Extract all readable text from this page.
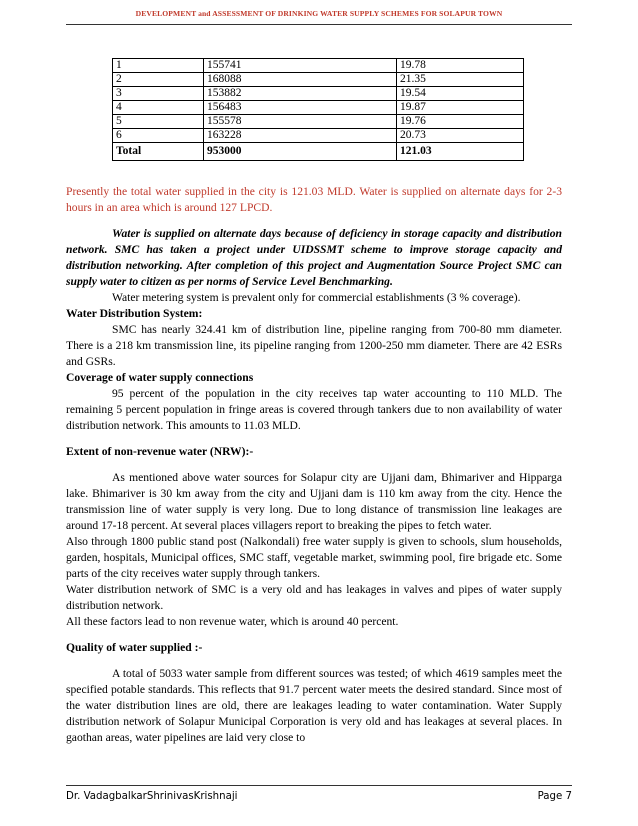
DEVELOPMENT and ASSESSMENT OF DRINKING WATER SUPPLY SCHEMES FOR SOLAPUR TOWN
1	155741	19.78
2	168088	21.35
3	153882	19.54
4	156483	19.87
5	155578	19.76
6	163228	20.73
Total	953000	121.03

Presently the total water supplied in the city is 121.03 MLD. Water is supplied on alternate days for 2-3 hours in an area which is around 127 LPCD.

Water is supplied on alternate days because of deficiency in storage capacity and distribution network. SMC has taken a project under UIDSSMT scheme to improve storage capacity and distribution networking. After completion of this project and Augmentation Source Project SMC can supply water to citizen as per norms of Service Level Benchmarking.

Water metering system is prevalent only for commercial establishments (3 % coverage).

Water Distribution System:

SMC has nearly 324.41 km of distribution line, pipeline ranging from 700-80 mm diameter. There is a 218 km transmission line, its pipeline ranging from 1200-250 mm diameter. There are 42 ESRs and GSRs.

Coverage of water supply connections

95 percent of the population in the city receives tap water accounting to 110 MLD. The remaining 5 percent population in fringe areas is covered through tankers due to non availability of water distribution network. This amounts to 11.03 MLD.

Extent of non-revenue water (NRW):-

As mentioned above water sources for Solapur city are Ujjani dam, Bhimariver and Hipparga lake. Bhimariver is 30 km away from the city and Ujjani dam is 110 km away from the city. Hence the transmission line of water supply is very long. Due to long distance of transmission line leakages are around 17-18 percent. At several places villagers report to breaking the pipes to fetch water.

Also through 1800 public stand post (Nalkondali) free water supply is given to schools, slum households, garden, hospitals, Municipal offices, SMC staff, vegetable market, swimming pool, fire brigade etc. Some parts of the city receives water supply through tankers.

Water distribution network of SMC is a very old and has leakages in valves and pipes of water supply distribution network.

All these factors lead to non revenue water, which is around 40 percent.

Quality of water supplied :-

A total of 5033 water sample from different sources was tested; of which 4619 samples meet the specified potable standards. This reflects that 91.7 percent water meets the desired standard. Since most of the water distribution lines are old, there are leakages leading to water contamination. Water Supply distribution network of Solapur Municipal Corporation is very old and has leakages at several places. In gaothan areas, water pipelines are laid very close to

Dr. VadagbalkarShrinivasKrishnaji	Page 7
